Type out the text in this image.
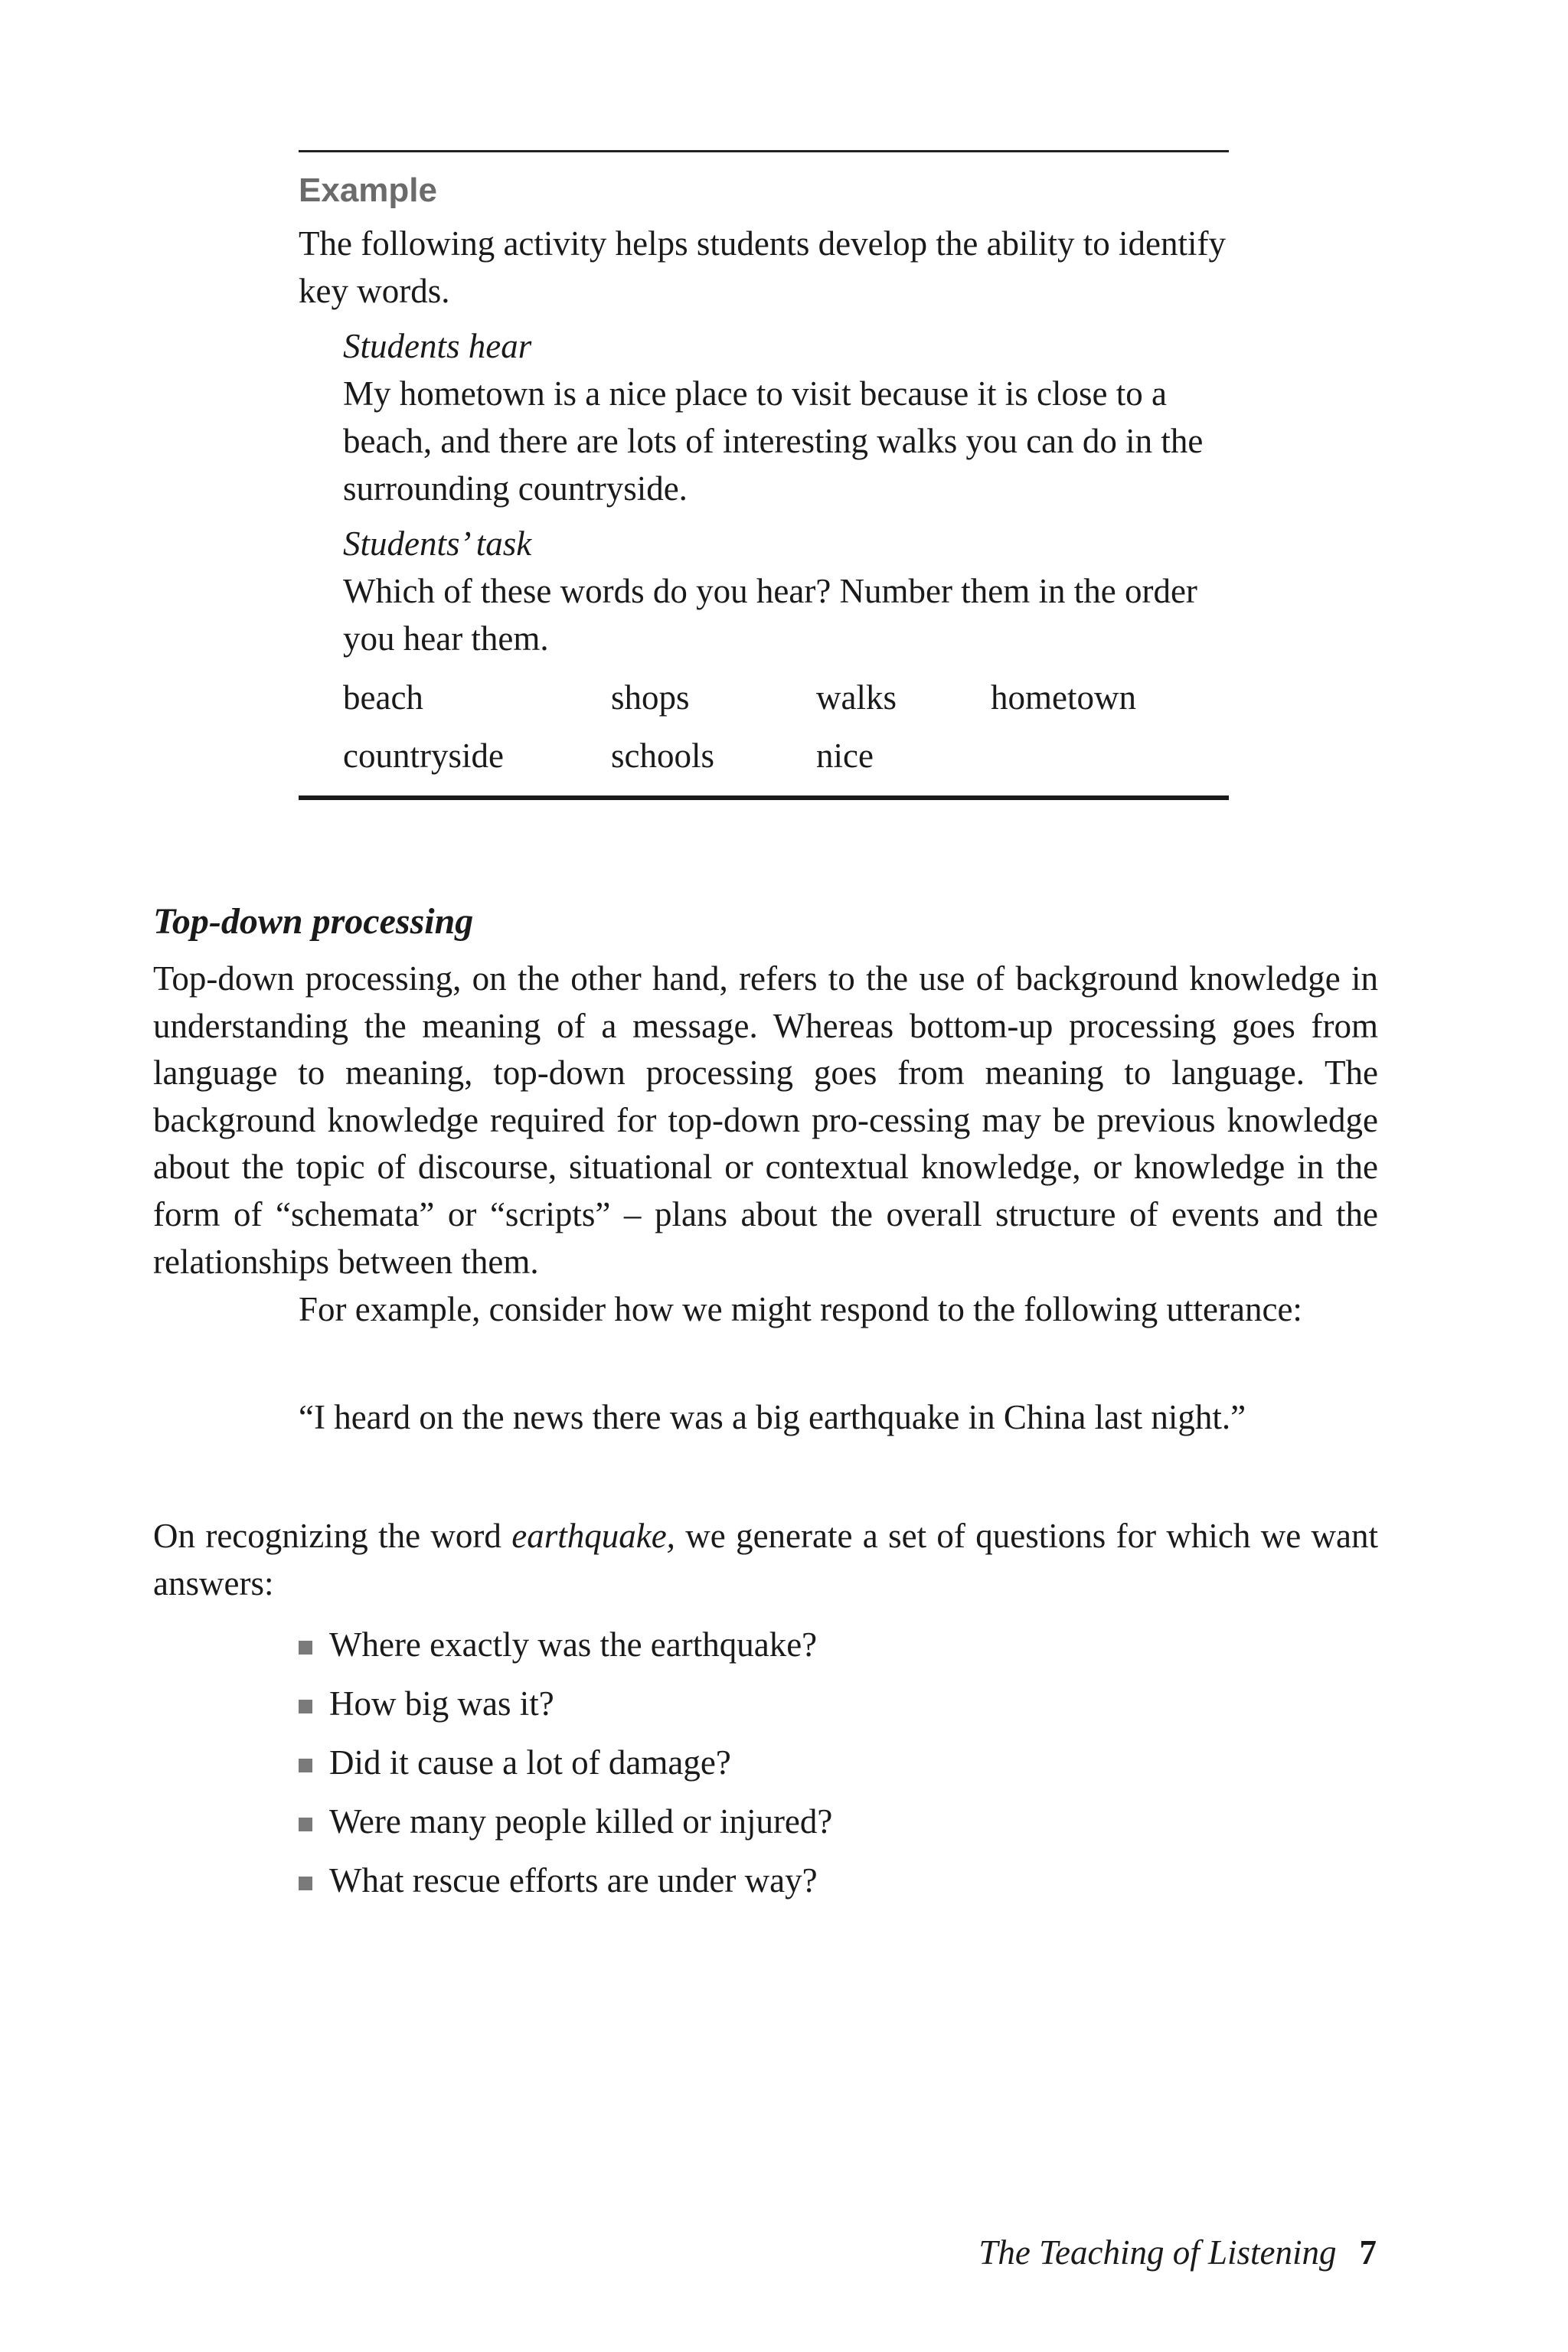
Example
The following activity helps students develop the ability to identify key words.
Students hear
My hometown is a nice place to visit because it is close to a beach, and there are lots of interesting walks you can do in the surrounding countryside.
Students’ task
Which of these words do you hear? Number them in the order you hear them.
beach	shops	walks	hometown
countryside	schools	nice
Top-down processing
Top-down processing, on the other hand, refers to the use of background knowledge in understanding the meaning of a message. Whereas bottom-up processing goes from language to meaning, top-down processing goes from meaning to language. The background knowledge required for top-down pro-cessing may be previous knowledge about the topic of discourse, situational or contextual knowledge, or knowledge in the form of “schemata” or “scripts” – plans about the overall structure of events and the relationships between them.
For example, consider how we might respond to the following utterance:
“I heard on the news there was a big earthquake in China last night.”
On recognizing the word earthquake, we generate a set of questions for which we want answers:
Where exactly was the earthquake?
How big was it?
Did it cause a lot of damage?
Were many people killed or injured?
What rescue efforts are under way?
The Teaching of Listening 7
